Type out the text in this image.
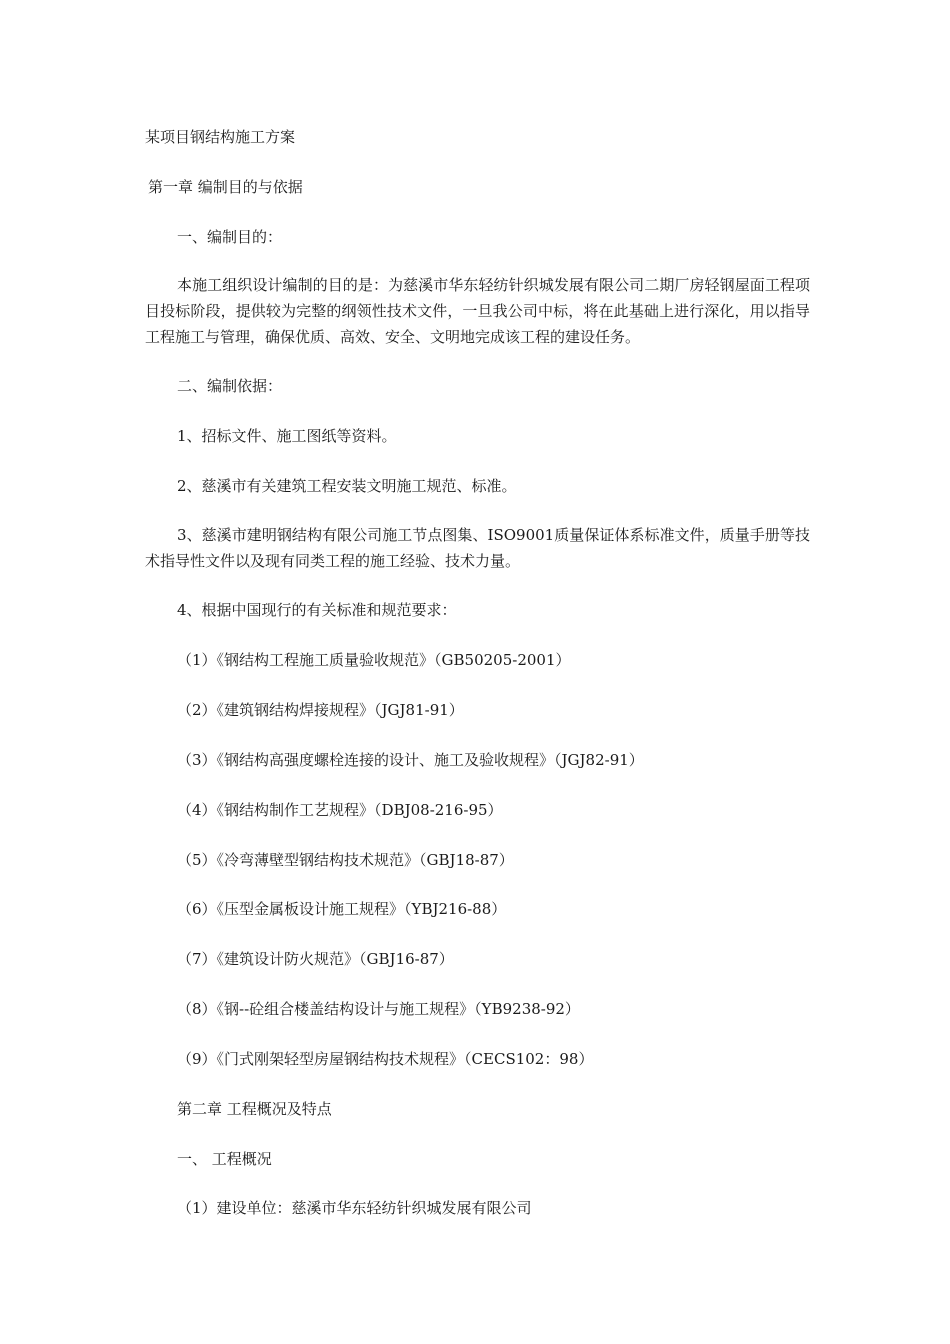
某项目钢结构施工方案
第一章 编制目的与依据
一、编制目的：
本施工组织设计编制的目的是：为慈溪市华东轻纺针织城发展有限公司二期厂房轻钢屋面工程项目投标阶段，提供较为完整的纲领性技术文件，一旦我公司中标，将在此基础上进行深化，用以指导工程施工与管理，确保优质、高效、安全、文明地完成该工程的建设任务。
二、编制依据：
1、招标文件、施工图纸等资料。
2、慈溪市有关建筑工程安装文明施工规范、标准。
3、慈溪市建明钢结构有限公司施工节点图集、ISO9001质量保证体系标准文件，质量手册等技术指导性文件以及现有同类工程的施工经验、技术力量。
4、根据中国现行的有关标准和规范要求：
（1）《钢结构工程施工质量验收规范》（GB50205-2001）
（2）《建筑钢结构焊接规程》（JGJ81-91）
（3）《钢结构高强度螺栓连接的设计、施工及验收规程》（JGJ82-91）
（4）《钢结构制作工艺规程》（DBJ08-216-95）
（5）《冷弯薄壁型钢结构技术规范》（GBJ18-87）
（6）《压型金属板设计施工规程》（YBJ216-88）
（7）《建筑设计防火规范》（GBJ16-87）
（8）《钢--砼组合楼盖结构设计与施工规程》（YB9238-92）
（9）《门式刚架轻型房屋钢结构技术规程》（CECS102：98）
第二章 工程概况及特点
一、 工程概况
（1）建设单位：慈溪市华东轻纺针织城发展有限公司
